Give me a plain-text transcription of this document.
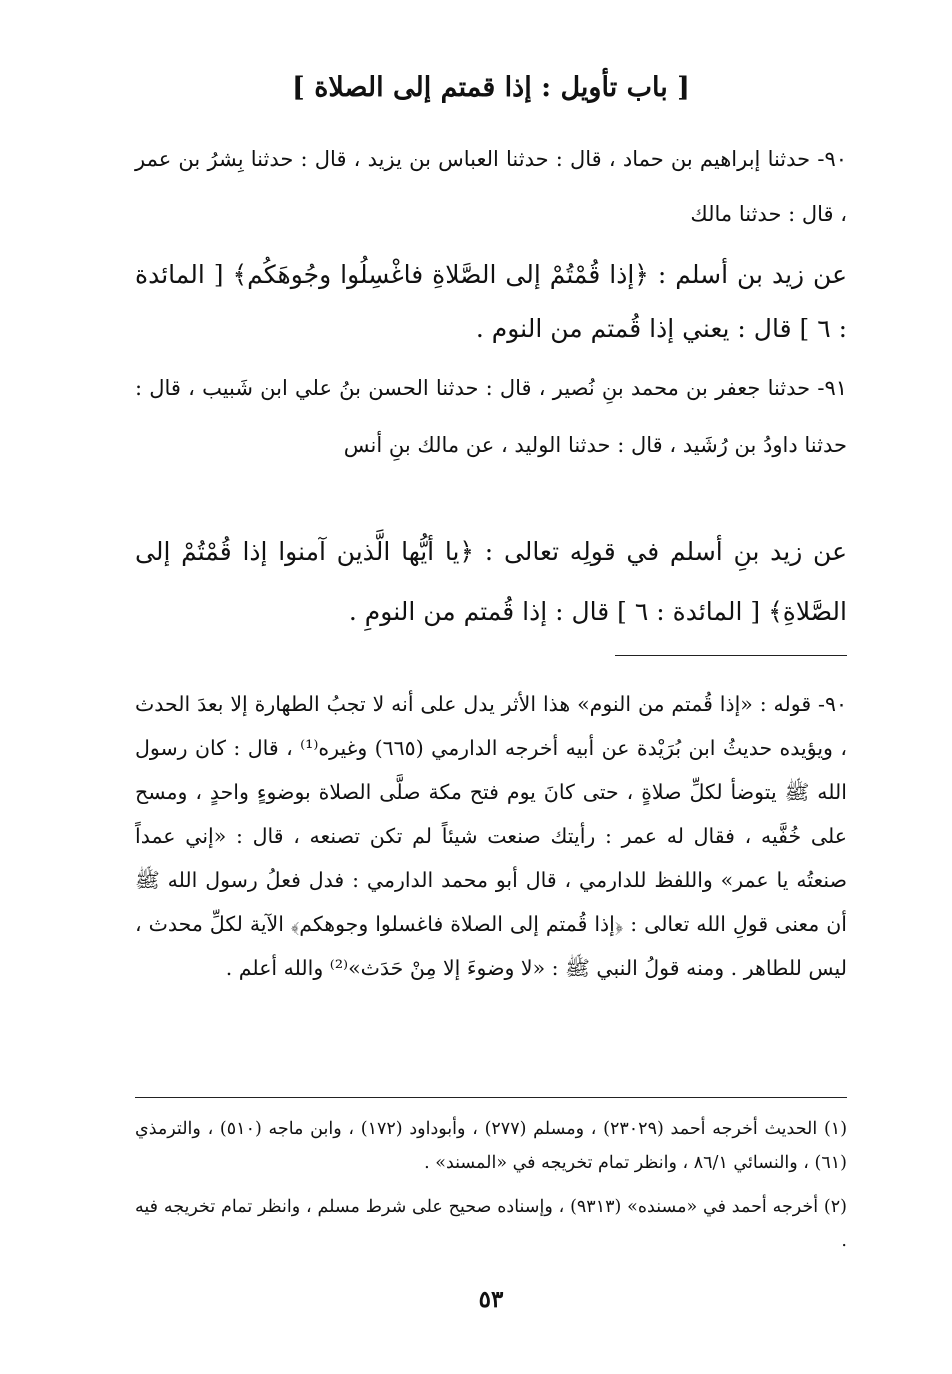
[ باب تأويل : إذا قمتم إلى الصلاة ]

٩٠- حدثنا إبراهيم بن حماد ، قال : حدثنا العباس بن يزيد ، قال : حدثنا بِشرُ بن عمر ، قال : حدثنا مالك

عن زيد بن أسلم : ﴿إذا قُمْتُمْ إلى الصَّلاةِ فاغْسِلُوا وجُوهَكُم﴾ [ المائدة : ٦ ] قال : يعني إذا قُمتم من النوم .

٩١- حدثنا جعفر بن محمد بنِ نُصير ، قال : حدثنا الحسن بنُ علي ابن شَبيب ، قال : حدثنا داودُ بن رُشَيد ، قال : حدثنا الوليد ، عن مالك بنِ أنس

عن زيد بنِ أسلم في قولِه تعالى : ﴿يا أيُّها الَّذين آمنوا إذا قُمْتُمْ إلى الصَّلاةِ﴾ [ المائدة : ٦ ] قال : إذا قُمتم من النومِ .

٩٠- قوله : «إذا قُمتم من النوم» هذا الأثر يدل على أنه لا تجبُ الطهارة إلا بعدَ الحدث ، ويؤيده حديثُ ابن بُرَيْدة عن أبيه أخرجه الدارمي (٦٦٥) وغيره⁽¹⁾ ، قال : كان رسول الله ﷺ يتوضأ لكلِّ صلاةٍ ، حتى كانَ يوم فتح مكة صلَّى الصلاة بوضوءٍ واحدٍ ، ومسح على خُفَّيه ، فقال له عمر : رأيتك صنعت شيئاً لم تكن تصنعه ، قال : «إني عمداً صنعتُه يا عمر» واللفظ للدارمي ، قال أبو محمد الدارمي : فدل فعلُ رسول الله ﷺ أن معنى قولِ الله تعالى : ﴿إذا قُمتم إلى الصلاة فاغسلوا وجوهكم﴾ الآية لكلِّ محدث ، ليس للطاهر . ومنه قولُ النبي ﷺ : «لا وضوءَ إلا مِنْ حَدَث»⁽²⁾ والله أعلم .

(١) الحديث أخرجه أحمد (٢٣٠٢٩) ، ومسلم (٢٧٧) ، وأبوداود (١٧٢) ، وابن ماجه (٥١٠) ، والترمذي (٦١) ، والنسائي ٨٦/١ ، وانظر تمام تخريجه في «المسند» .

(٢) أخرجه أحمد في «مسنده» (٩٣١٣) ، وإسناده صحيح على شرط مسلم ، وانظر تمام تخريجه فيه .

٥٣
